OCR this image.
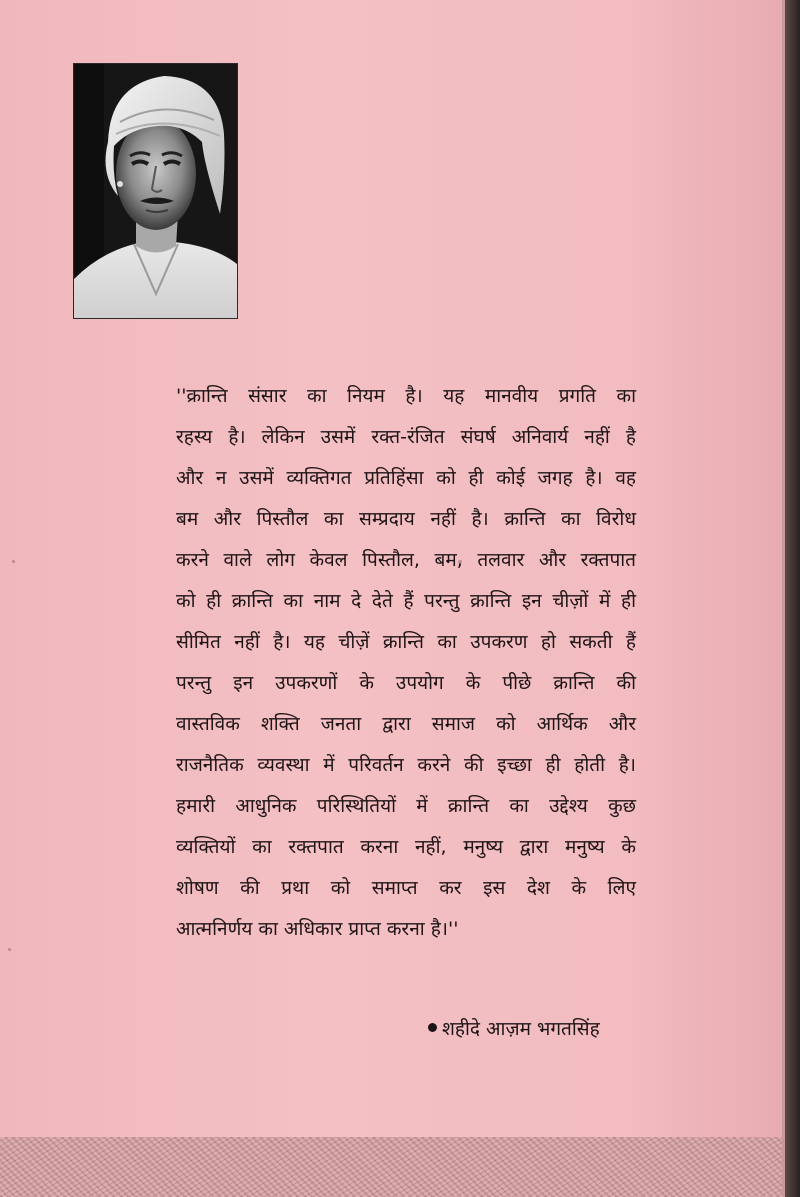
''क्रान्ति संसार का नियम है। यह मानवीय प्रगति का
रहस्य है। लेकिन उसमें रक्त-रंजित संघर्ष अनिवार्य नहीं है
और न उसमें व्यक्तिगत प्रतिहिंसा को ही कोई जगह है। वह
बम और पिस्तौल का सम्प्रदाय नहीं है। क्रान्ति का विरोध
करने वाले लोग केवल पिस्तौल, बम, तलवार और रक्तपात
को ही क्रान्ति का नाम दे देते हैं परन्तु क्रान्ति इन चीज़ों में ही
सीमित नहीं है। यह चीज़ें क्रान्ति का उपकरण हो सकती हैं
परन्तु इन उपकरणों के उपयोग के पीछे क्रान्ति की
वास्तविक शक्ति जनता द्वारा समाज को आर्थिक और
राजनैतिक व्यवस्था में परिवर्तन करने की इच्छा ही होती है।
हमारी आधुनिक परिस्थितियों में क्रान्ति का उद्देश्य कुछ
व्यक्तियों का रक्तपात करना नहीं, मनुष्य द्वारा मनुष्य के
शोषण की प्रथा को समाप्त कर इस देश के लिए
आत्मनिर्णय का अधिकार प्राप्त करना है।''
शहीदे आज़म भगतसिंह
